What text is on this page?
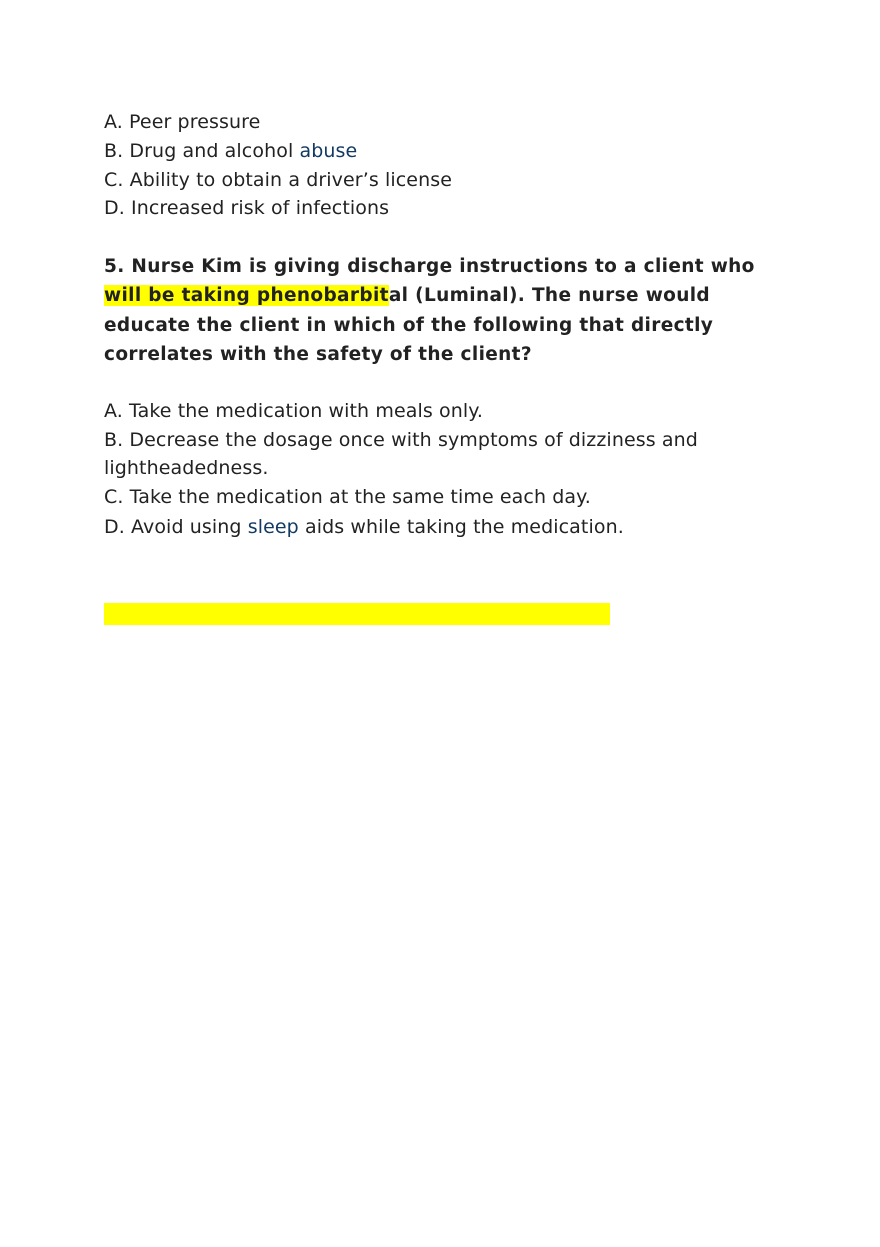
A. Peer pressure
B. Drug and alcohol abuse
C. Ability to obtain a driver’s license
D. Increased risk of infections
5. Nurse Kim is giving discharge instructions to a client who
will be taking phenobarbital (Luminal). The nurse would
educate the client in which of the following that directly
correlates with the safety of the client?
A. Take the medication with meals only.
B. Decrease the dosage once with symptoms of dizziness and
lightheadedness.
C. Take the medication at the same time each day.
D. Avoid using sleep aids while taking the medication.
